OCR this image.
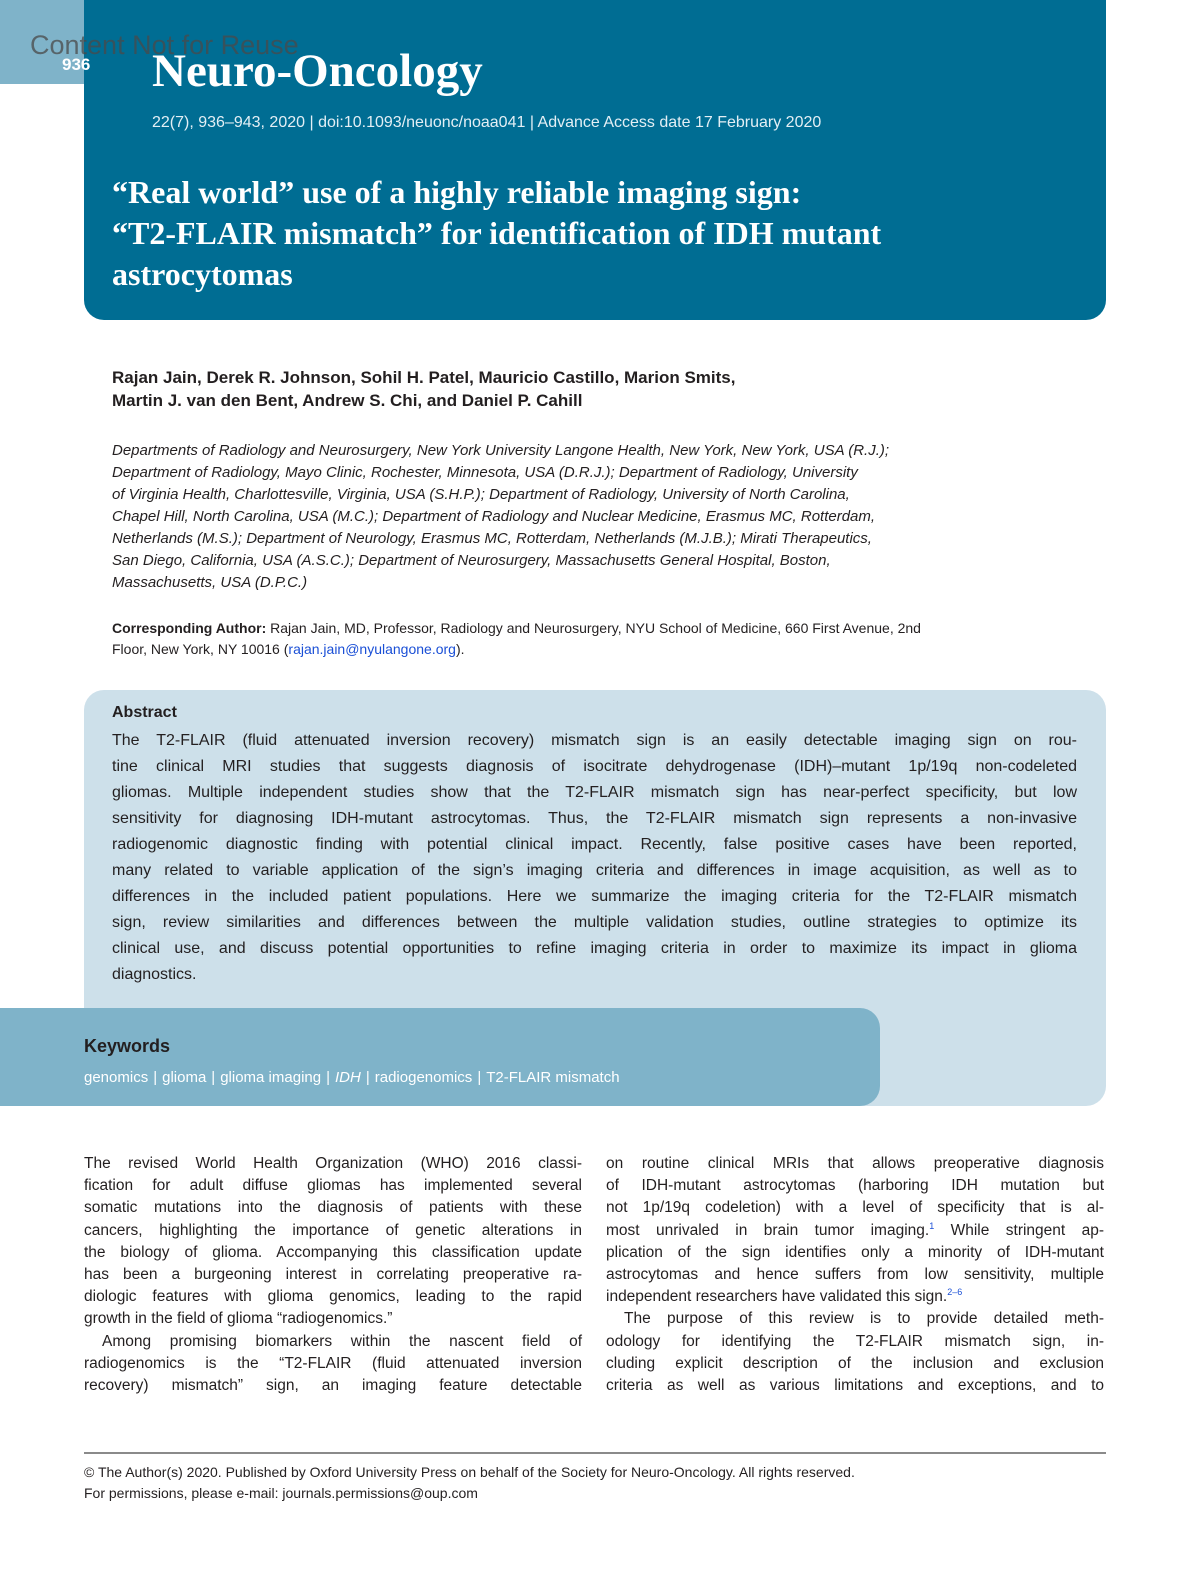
936
Content Not for Reuse
Neuro-Oncology
22(7), 936–943, 2020 | doi:10.1093/neuonc/noaa041 | Advance Access date 17 February 2020
“Real world” use of a highly reliable imaging sign:
“T2-FLAIR mismatch” for identification of IDH mutant
astrocytomas
Rajan Jain, Derek R. Johnson, Sohil H. Patel, Mauricio Castillo, Marion Smits,
Martin J. van den Bent, Andrew S. Chi, and Daniel P. Cahill
Departments of Radiology and Neurosurgery, New York University Langone Health, New York, New York, USA (R.J.);
Department of Radiology, Mayo Clinic, Rochester, Minnesota, USA (D.R.J.); Department of Radiology, University
of Virginia Health, Charlottesville, Virginia, USA (S.H.P.); Department of Radiology, University of North Carolina,
Chapel Hill, North Carolina, USA (M.C.); Department of Radiology and Nuclear Medicine, Erasmus MC, Rotterdam,
Netherlands (M.S.); Department of Neurology, Erasmus MC, Rotterdam, Netherlands (M.J.B.); Mirati Therapeutics,
San Diego, California, USA (A.S.C.); Department of Neurosurgery, Massachusetts General Hospital, Boston,
Massachusetts, USA (D.P.C.)
Corresponding Author: Rajan Jain, MD, Professor, Radiology and Neurosurgery, NYU School of Medicine, 660 First Avenue, 2nd
Floor, New York, NY 10016 (rajan.jain@nyulangone.org).
Abstract
The T2-FLAIR (fluid attenuated inversion recovery) mismatch sign is an easily detectable imaging sign on rou-
tine clinical MRI studies that suggests diagnosis of isocitrate dehydrogenase (IDH)–mutant 1p/19q non-codeleted
gliomas. Multiple independent studies show that the T2-FLAIR mismatch sign has near-perfect specificity, but low
sensitivity for diagnosing IDH-mutant astrocytomas. Thus, the T2-FLAIR mismatch sign represents a non-invasive
radiogenomic diagnostic finding with potential clinical impact. Recently, false positive cases have been reported,
many related to variable application of the sign’s imaging criteria and differences in image acquisition, as well as to
differences in the included patient populations. Here we summarize the imaging criteria for the T2-FLAIR mismatch
sign, review similarities and differences between the multiple validation studies, outline strategies to optimize its
clinical use, and discuss potential opportunities to refine imaging criteria in order to maximize its impact in glioma
diagnostics.
Keywords
genomics | glioma | glioma imaging | IDH | radiogenomics | T2-FLAIR mismatch
The revised World Health Organization (WHO) 2016 classi-
fication for adult diffuse gliomas has implemented several
somatic mutations into the diagnosis of patients with these
cancers, highlighting the importance of genetic alterations in
the biology of glioma. Accompanying this classification update
has been a burgeoning interest in correlating preoperative ra-
diologic features with glioma genomics, leading to the rapid
growth in the field of glioma “radiogenomics.”
Among promising biomarkers within the nascent field of
radiogenomics is the “T2-FLAIR (fluid attenuated inversion
recovery) mismatch” sign, an imaging feature detectable
on routine clinical MRIs that allows preoperative diagnosis
of IDH-mutant astrocytomas (harboring IDH mutation but
not 1p/19q codeletion) with a level of specificity that is al-
most unrivaled in brain tumor imaging.$^1$ While stringent ap-
plication of the sign identifies only a minority of IDH-mutant
astrocytomas and hence suffers from low sensitivity, multiple
independent researchers have validated this sign.$^{2-6}$
The purpose of this review is to provide detailed meth-
odology for identifying the T2-FLAIR mismatch sign, in-
cluding explicit description of the inclusion and exclusion
criteria as well as various limitations and exceptions, and to
© The Author(s) 2020. Published by Oxford University Press on behalf of the Society for Neuro-Oncology. All rights reserved.
For permissions, please e-mail: journals.permissions@oup.com
